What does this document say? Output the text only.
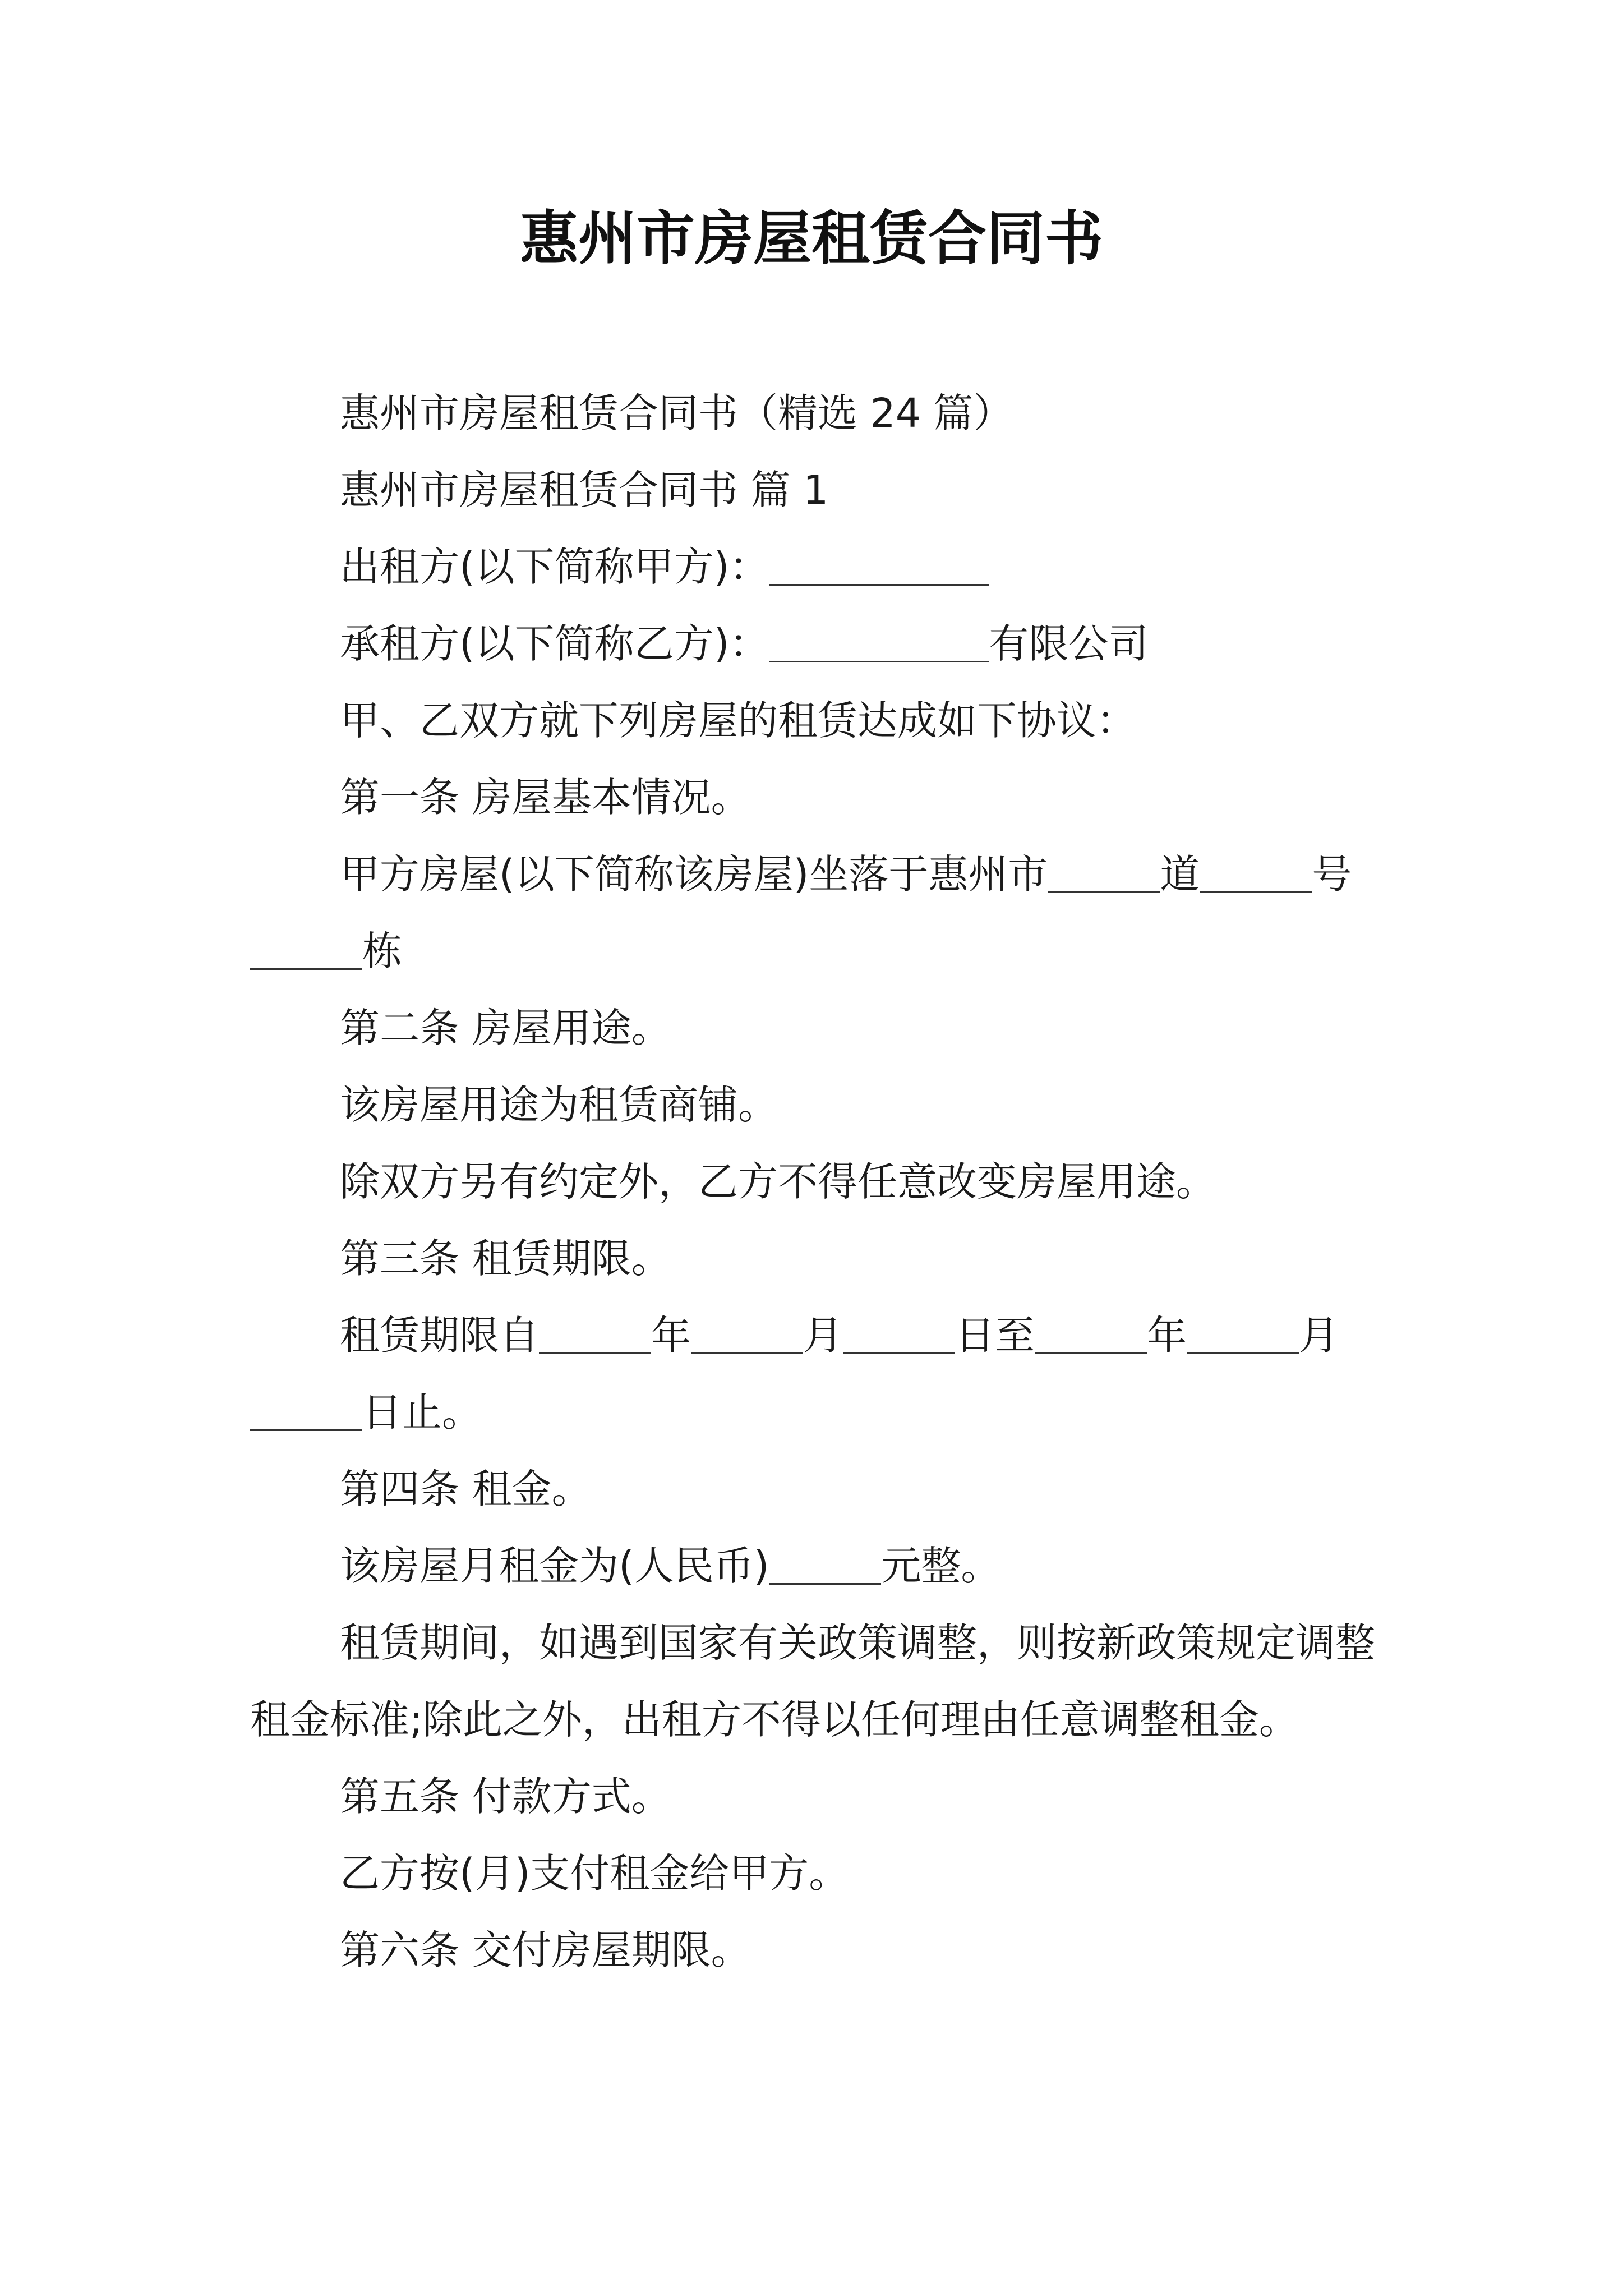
惠州市房屋租赁合同书

惠州市房屋租赁合同书（精选 24 篇）

惠州市房屋租赁合同书 篇 1

出租方(以下简称甲方)：

承租方(以下简称乙方)：	有限公司

甲、乙双方就下列房屋的租赁达成如下协议：

第一条 房屋基本情况。

甲方房屋(以下简称该房屋)坐落于惠州市	道	号栋

第二条 房屋用途。

该房屋用途为租赁商铺。

除双方另有约定外，乙方不得任意改变房屋用途。

第三条 租赁期限。

租赁期限自	年	月	日至	年	月日止。

第四条 租金。

该房屋月租金为(人民币)	元整。

租赁期间，如遇到国家有关政策调整，则按新政策规定调整租金标准;除此之外，出租方不得以任何理由任意调整租金。

第五条 付款方式。

乙方按(月)支付租金给甲方。

第六条 交付房屋期限。
